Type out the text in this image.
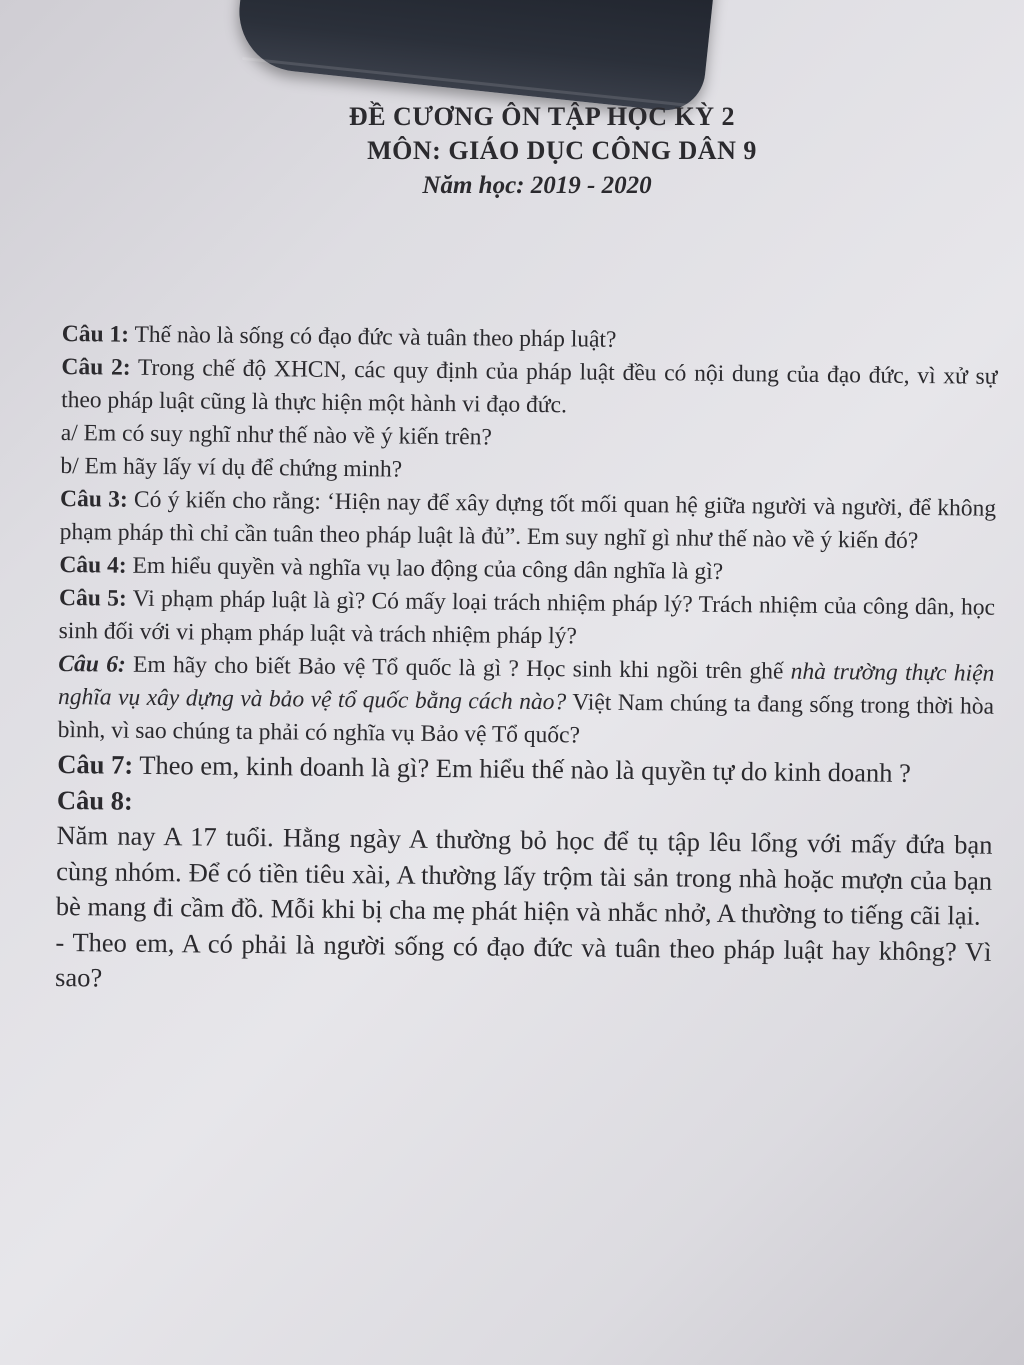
ĐỀ CƯƠNG ÔN TẬP HỌC KỲ 2
MÔN: GIÁO DỤC CÔNG DÂN 9
Năm học: 2019 - 2020

Câu 1: Thế nào là sống có đạo đức và tuân theo pháp luật?

Câu 2: Trong chế độ XHCN, các quy định của pháp luật đều có nội dung của đạo đức, vì xử sự theo pháp luật cũng là thực hiện một hành vi đạo đức.

a/ Em có suy nghĩ như thế nào về ý kiến trên?

b/ Em hãy lấy ví dụ để chứng minh?

Câu 3: Có ý kiến cho rằng: ‘Hiện nay để xây dựng tốt mối quan hệ giữa người và người, để không phạm pháp thì chỉ cần tuân theo pháp luật là đủ”. Em suy nghĩ gì như thế nào về ý kiến đó?

Câu 4: Em hiểu quyền và nghĩa vụ lao động của công dân nghĩa là gì?

Câu 5: Vi phạm pháp luật là gì? Có mấy loại trách nhiệm pháp lý? Trách nhiệm của công dân, học sinh đối với vi phạm pháp luật và trách nhiệm pháp lý?

Câu 6: Em hãy cho biết Bảo vệ Tổ quốc là gì ? Học sinh khi ngồi trên ghế nhà trường thực hiện nghĩa vụ xây dựng và bảo vệ tổ quốc bằng cách nào? Việt Nam chúng ta đang sống trong thời hòa bình, vì sao chúng ta phải có nghĩa vụ Bảo vệ Tổ quốc?

Câu 7: Theo em, kinh doanh là gì? Em hiểu thế nào là quyền tự do kinh doanh ?

Câu 8:

Năm nay A 17 tuổi. Hằng ngày A thường bỏ học để tụ tập lêu lổng với mấy đứa bạn cùng nhóm. Để có tiền tiêu xài, A thường lấy trộm tài sản trong nhà hoặc mượn của bạn bè mang đi cầm đồ. Mỗi khi bị cha mẹ phát hiện và nhắc nhở, A thường to tiếng cãi lại.

- Theo em, A có phải là người sống có đạo đức và tuân theo pháp luật hay không? Vì sao?
